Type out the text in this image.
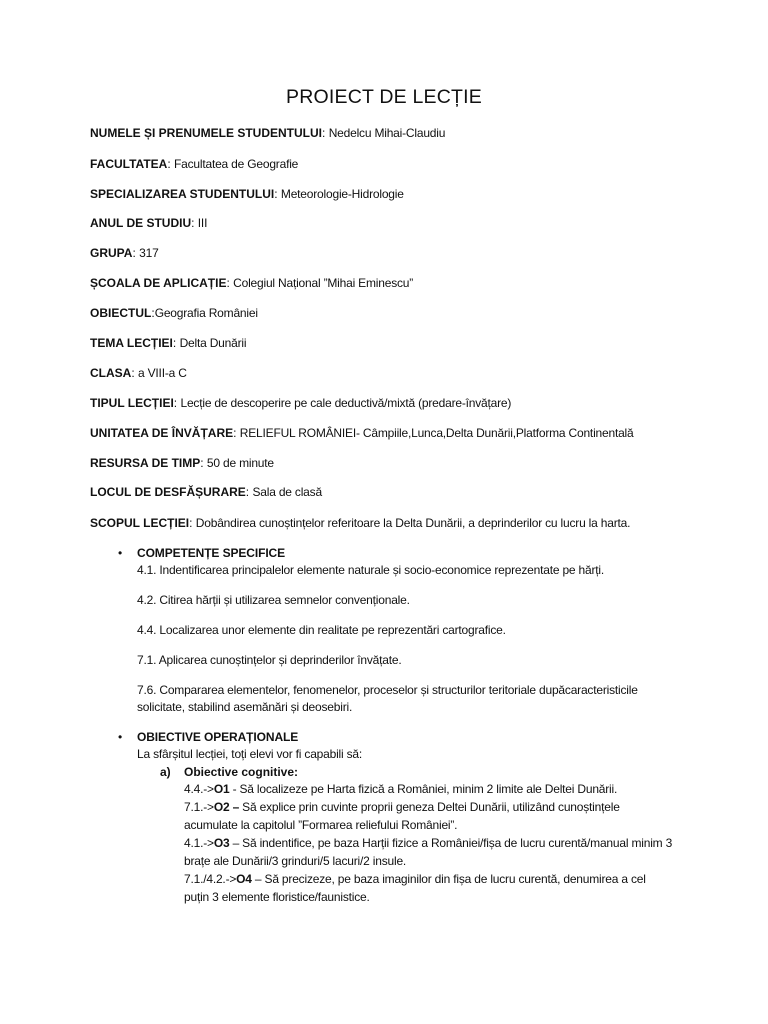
PROIECT DE LECȚIE
NUMELE ȘI PRENUMELE STUDENTULUI: Nedelcu Mihai-Claudiu
FACULTATEA: Facultatea de Geografie
SPECIALIZAREA STUDENTULUI: Meteorologie-Hidrologie
ANUL DE STUDIU: III
GRUPA: 317
ȘCOALA DE APLICAȚIE: Colegiul Național ”Mihai Eminescu”
OBIECTUL:Geografia României
TEMA LECȚIEI: Delta Dunării
CLASA: a VIII-a C
TIPUL LECȚIEI: Lecție de descoperire pe cale deductivă/mixtă (predare-învățare)
UNITATEA DE ÎNVĂȚARE: RELIEFUL ROMÂNIEI- Câmpiile,Lunca,Delta Dunării,Platforma Continentală
RESURSA DE TIMP: 50 de minute
LOCUL DE DESFĂȘURARE: Sala de clasă
SCOPUL LECȚIEI: Dobândirea cunoștințelor referitoare la Delta Dunării, a deprinderilor cu lucru la harta.
•	COMPETENȚE SPECIFICE
4.1. Indentificarea principalelor elemente naturale și socio-economice reprezentate pe hărți.
4.2. Citirea hărții și utilizarea semnelor convenționale.
4.4. Localizarea unor elemente din realitate pe reprezentări cartografice.
7.1. Aplicarea cunoștințelor și deprinderilor învățate.
7.6. Compararea elementelor, fenomenelor, proceselor și structurilor teritoriale dupăcaracteristicile
solicitate, stabilind asemănări și deosebiri.
•	OBIECTIVE OPERAȚIONALE
La sfârșitul lecției, toți elevi vor fi capabili să:
a) Obiective cognitive:
4.4.->O1 - Să localizeze pe Harta fizică a României, minim 2 limite ale Deltei Dunării.
7.1.->O2 – Să explice prin cuvinte proprii geneza Deltei Dunării, utilizând cunoștințele
acumulate la capitolul ”Formarea reliefului României”.
4.1.->O3 – Să indentifice, pe baza Harții fizice a României/fișa de lucru curentă/manual minim 3
brațe ale Dunării/3 grinduri/5 lacuri/2 insule.
7.1./4.2.->O4 – Să precizeze, pe baza imaginilor din fișa de lucru curentă, denumirea a cel
puțin 3 elemente floristice/faunistice.
